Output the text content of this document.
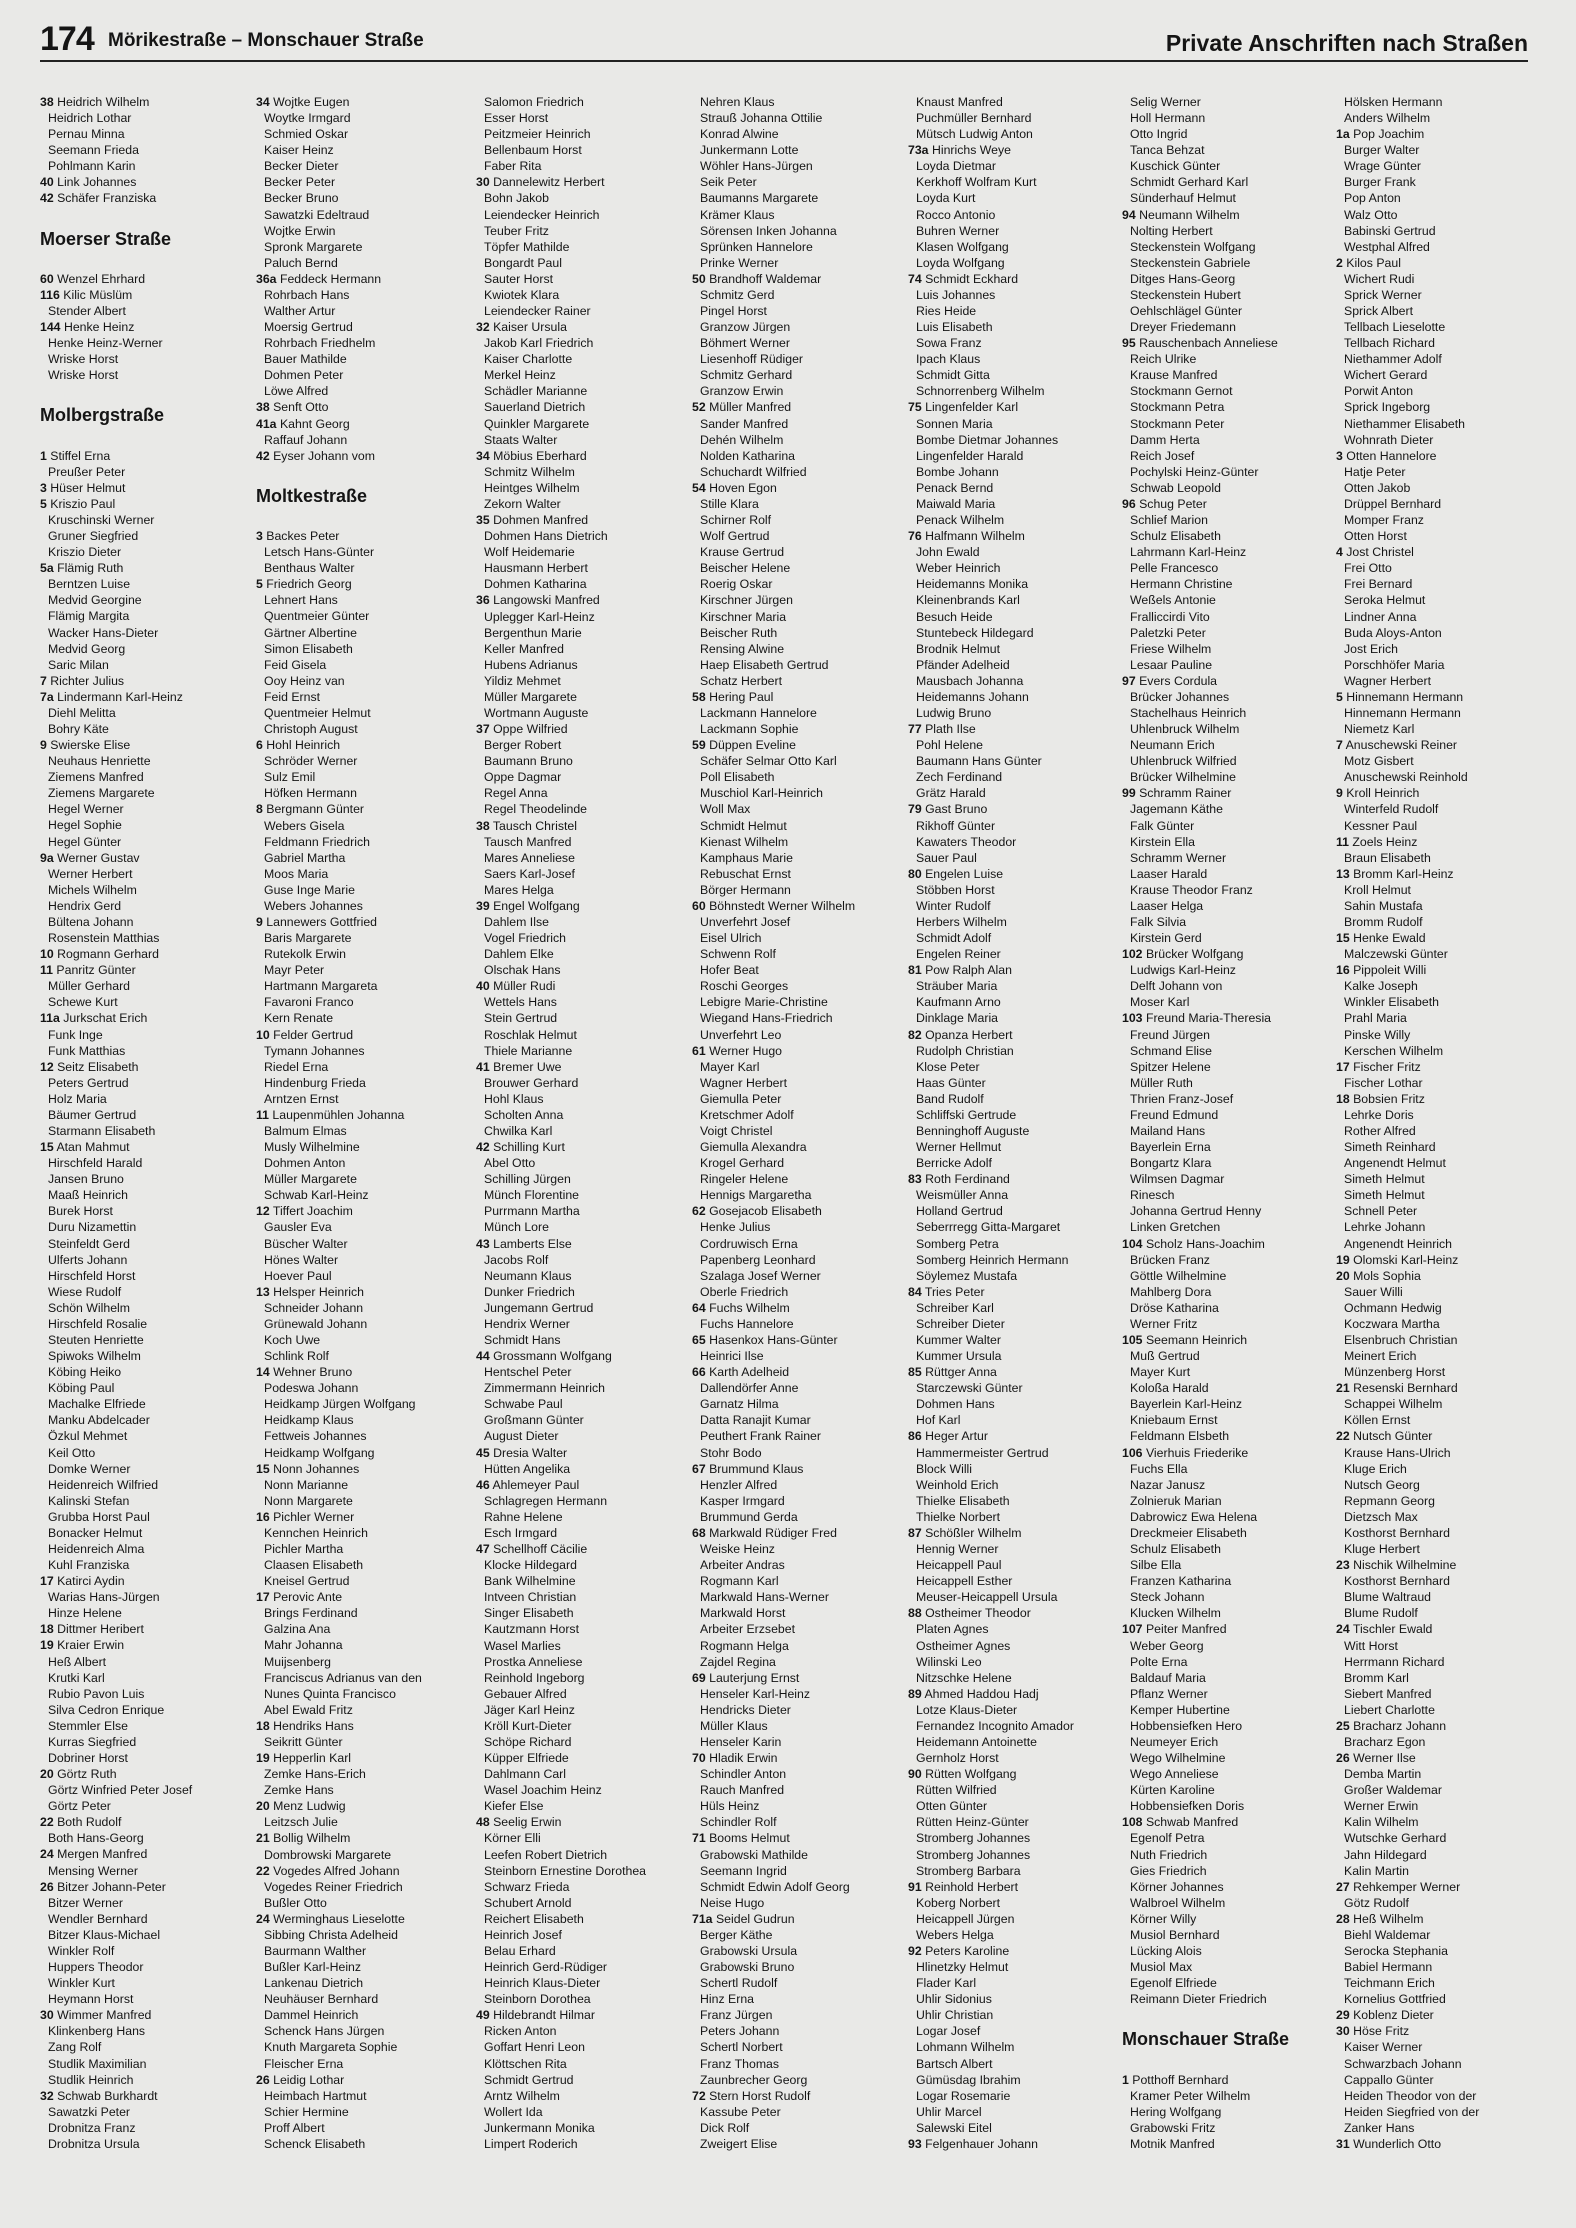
174 Mörikestraße – Monschauer Straße	Private Anschriften nach Straßen
38 Heidrich Wilhelm
Heidrich Lothar
Pernau Minna
Seemann Frieda
Pohlmann Karin
40 Link Johannes
42 Schäfer Franziska
Moerser Straße
60 Wenzel Ehrhard
116 Kilic Müslüm
Stender Albert
144 Henke Heinz
Henke Heinz-Werner
Wriske Horst
Wriske Horst
Molbergstraße
1 Stiffel Erna
Preußer Peter
3 Hüser Helmut
5 Kriszio Paul
Kruschinski Werner
Gruner Siegfried
Kriszio Dieter
5a Flämig Ruth
Berntzen Luise
Medvid Georgine
Flämig Margita
Wacker Hans-Dieter
Medvid Georg
Saric Milan
7 Richter Julius
7a Lindermann Karl-Heinz
Diehl Melitta
Bohry Käte
9 Swierske Elise
Neuhaus Henriette
Ziemens Manfred
Ziemens Margarete
Hegel Werner
Hegel Sophie
Hegel Günter
9a Werner Gustav
Werner Herbert
Michels Wilhelm
Hendrix Gerd
Bültena Johann
Rosenstein Matthias
10 Rogmann Gerhard
11 Panritz Günter
Müller Gerhard
Schewe Kurt
11a Jurkschat Erich
Funk Inge
Funk Matthias
12 Seitz Elisabeth
Peters Gertrud
Holz Maria
Bäumer Gertrud
Starmann Elisabeth
15 Atan Mahmut
Hirschfeld Harald
Jansen Bruno
Maaß Heinrich
Burek Horst
Duru Nizamettin
Steinfeldt Gerd
Ulferts Johann
Hirschfeld Horst
Wiese Rudolf
Schön Wilhelm
Hirschfeld Rosalie
Steuten Henriette
Spiwoks Wilhelm
Köbing Heiko
Köbing Paul
Machalke Elfriede
Manku Abdelcader
Özkul Mehmet
Keil Otto
Domke Werner
Heidenreich Wilfried
Kalinski Stefan
Grubba Horst Paul
Bonacker Helmut
Heidenreich Alma
Kuhl Franziska
17 Katirci Aydin
Warias Hans-Jürgen
Hinze Helene
18 Dittmer Heribert
19 Kraier Erwin
Heß Albert
Krutki Karl
Rubio Pavon Luis
Silva Cedron Enrique
Stemmler Else
Kurras Siegfried
Dobriner Horst
20 Görtz Ruth
Görtz Winfried Peter Josef
Görtz Peter
22 Both Rudolf
Both Hans-Georg
24 Mergen Manfred
Mensing Werner
26 Bitzer Johann-Peter
Bitzer Werner
Wendler Bernhard
Bitzer Klaus-Michael
Winkler Rolf
Huppers Theodor
Winkler Kurt
Heymann Horst
30 Wimmer Manfred
Klinkenberg Hans
Zang Rolf
Studlik Maximilian
Studlik Heinrich
32 Schwab Burkhardt
Sawatzki Peter
Drobnitza Franz
Drobnitza Ursula
34 Wojtke Eugen
Woytke Irmgard
Schmied Oskar
Kaiser Heinz
Becker Dieter
Becker Peter
Becker Bruno
Sawatzki Edeltraud
Wojtke Erwin
Spronk Margarete
Paluch Bernd
36a Feddeck Hermann
Rohrbach Hans
Walther Artur
Moersig Gertrud
Rohrbach Friedhelm
Bauer Mathilde
Dohmen Peter
Löwe Alfred
38 Senft Otto
41a Kahnt Georg
Raffauf Johann
42 Eyser Johann vom
Moltkestraße
3 Backes Peter
Letsch Hans-Günter
Benthaus Walter
5 Friedrich Georg
Lehnert Hans
Quentmeier Günter
Gärtner Albertine
Simon Elisabeth
Feid Gisela
Ooy Heinz van
Feid Ernst
Quentmeier Helmut
Christoph August
6 Hohl Heinrich
Schröder Werner
Sulz Emil
Höfken Hermann
8 Bergmann Günter
Webers Gisela
Feldmann Friedrich
Gabriel Martha
Moos Maria
Guse Inge Marie
Webers Johannes
9 Lannewers Gottfried
Baris Margarete
Rutekolk Erwin
Mayr Peter
Hartmann Margareta
Favaroni Franco
Kern Renate
10 Felder Gertrud
Tymann Johannes
Riedel Erna
Hindenburg Frieda
Arntzen Ernst
11 Laupenmühlen Johanna
Balmum Elmas
Musly Wilhelmine
Dohmen Anton
Müller Margarete
Schwab Karl-Heinz
12 Tiffert Joachim
Gausler Eva
Büscher Walter
Hönes Walter
Hoever Paul
13 Helsper Heinrich
Schneider Johann
Grünewald Johann
Koch Uwe
Schlink Rolf
14 Wehner Bruno
Podeswa Johann
Heidkamp Jürgen Wolfgang
Heidkamp Klaus
Fettweis Johannes
Heidkamp Wolfgang
15 Nonn Johannes
Nonn Marianne
Nonn Margarete
16 Pichler Werner
Kennchen Heinrich
Pichler Martha
Claasen Elisabeth
Kneisel Gertrud
17 Perovic Ante
Brings Ferdinand
Galzina Ana
Mahr Johanna
Muijsenberg
Franciscus Adrianus van den
Nunes Quinta Francisco
Abel Ewald Fritz
18 Hendriks Hans
Seikritt Günter
19 Hepperlin Karl
Zemke Hans-Erich
Zemke Hans
20 Menz Ludwig
Leitzsch Julie
21 Bollig Wilhelm
Dombrowski Margarete
22 Vogedes Alfred Johann
Vogedes Reiner Friedrich
Bußler Otto
24 Werminghaus Lieselotte
Sibbing Christa Adelheid
Baurmann Walther
Bußler Karl-Heinz
Lankenau Dietrich
Neuhäuser Bernhard
Dammel Heinrich
Schenck Hans Jürgen
Knuth Margareta Sophie
Fleischer Erna
26 Leidig Lothar
Heimbach Hartmut
Schier Hermine
Proff Albert
Schenck Elisabeth
Salomon Friedrich
Esser Horst
Peitzmeier Heinrich
Bellenbaum Horst
Faber Rita
30 Dannelewitz Herbert
Bohn Jakob
Leiendecker Heinrich
Teuber Fritz
Töpfer Mathilde
Bongardt Paul
Sauter Horst
Kwiotek Klara
Leiendecker Rainer
32 Kaiser Ursula
Jakob Karl Friedrich
Kaiser Charlotte
Merkel Heinz
Schädler Marianne
Sauerland Dietrich
Quinkler Margarete
Staats Walter
34 Möbius Eberhard
Schmitz Wilhelm
Heintges Wilhelm
Zekorn Walter
35 Dohmen Manfred
Dohmen Hans Dietrich
Wolf Heidemarie
Hausmann Herbert
Dohmen Katharina
36 Langowski Manfred
Uplegger Karl-Heinz
Bergenthun Marie
Keller Manfred
Hubens Adrianus
Yildiz Mehmet
Müller Margarete
Wortmann Auguste
37 Oppe Wilfried
Berger Robert
Baumann Bruno
Oppe Dagmar
Regel Anna
Regel Theodelinde
38 Tausch Christel
Tausch Manfred
Mares Anneliese
Saers Karl-Josef
Mares Helga
39 Engel Wolfgang
Dahlem Ilse
Vogel Friedrich
Dahlem Elke
Olschak Hans
40 Müller Rudi
Wettels Hans
Stein Gertrud
Roschlak Helmut
Thiele Marianne
41 Bremer Uwe
Brouwer Gerhard
Hohl Klaus
Scholten Anna
Chwilka Karl
42 Schilling Kurt
Abel Otto
Schilling Jürgen
Münch Florentine
Purrmann Martha
Münch Lore
43 Lamberts Else
Jacobs Rolf
Neumann Klaus
Dunker Friedrich
Jungemann Gertrud
Hendrix Werner
Schmidt Hans
44 Grossmann Wolfgang
Hentschel Peter
Zimmermann Heinrich
Schwabe Paul
Großmann Günter
August Dieter
45 Dresia Walter
Hütten Angelika
46 Ahlemeyer Paul
Schlagregen Hermann
Rahne Helene
Esch Irmgard
47 Schellhoff Cäcilie
Klocke Hildegard
Bank Wilhelmine
Intveen Christian
Singer Elisabeth
Kautzmann Horst
Wasel Marlies
Prostka Anneliese
Reinhold Ingeborg
Gebauer Alfred
Jäger Karl Heinz
Kröll Kurt-Dieter
Schöpe Richard
Küpper Elfriede
Dahlmann Carl
Wasel Joachim Heinz
Kiefer Else
48 Seelig Erwin
Körner Elli
Leefen Robert Dietrich
Steinborn Ernestine Dorothea
Schwarz Frieda
Schubert Arnold
Reichert Elisabeth
Heinrich Josef
Belau Erhard
Heinrich Gerd-Rüdiger
Heinrich Klaus-Dieter
Steinborn Dorothea
49 Hildebrandt Hilmar
Ricken Anton
Goffart Henri Leon
Klöttschen Rita
Schmidt Gertrud
Arntz Wilhelm
Wollert Ida
Junkermann Monika
Limpert Roderich
Nehren Klaus
Strauß Johanna Ottilie
Konrad Alwine
Junkermann Lotte
Wöhler Hans-Jürgen
Seik Peter
Baumanns Margarete
Krämer Klaus
Sörensen Inken Johanna
Sprünken Hannelore
Prinke Werner
50 Brandhoff Waldemar
Schmitz Gerd
Pingel Horst
Granzow Jürgen
Böhmert Werner
Liesenhoff Rüdiger
Schmitz Gerhard
Granzow Erwin
52 Müller Manfred
Sander Manfred
Dehén Wilhelm
Nolden Katharina
Schuchardt Wilfried
54 Hoven Egon
Stille Klara
Schirner Rolf
Wolf Gertrud
Krause Gertrud
Beischer Helene
Roerig Oskar
Kirschner Jürgen
Kirschner Maria
Beischer Ruth
Rensing Alwine
Haep Elisabeth Gertrud
Schatz Herbert
58 Hering Paul
Lackmann Hannelore
Lackmann Sophie
59 Düppen Eveline
Schäfer Selmar Otto Karl
Poll Elisabeth
Muschiol Karl-Heinrich
Woll Max
Schmidt Helmut
Kienast Wilhelm
Kamphaus Marie
Rebuschat Ernst
Börger Hermann
60 Böhnstedt Werner Wilhelm
Unverfehrt Josef
Eisel Ulrich
Schwenn Rolf
Hofer Beat
Roschi Georges
Lebigre Marie-Christine
Wiegand Hans-Friedrich
Unverfehrt Leo
61 Werner Hugo
Mayer Karl
Wagner Herbert
Giemulla Peter
Kretschmer Adolf
Voigt Christel
Giemulla Alexandra
Krogel Gerhard
Ringeler Helene
Hennigs Margaretha
62 Gosejacob Elisabeth
Henke Julius
Cordruwisch Erna
Papenberg Leonhard
Szalaga Josef Werner
Oberle Friedrich
64 Fuchs Wilhelm
Fuchs Hannelore
65 Hasenkox Hans-Günter
Heinrici Ilse
66 Karth Adelheid
Dallendörfer Anne
Garnatz Hilma
Datta Ranajit Kumar
Peuthert Frank Rainer
Stohr Bodo
67 Brummund Klaus
Henzler Alfred
Kasper Irmgard
Brummund Gerda
68 Markwald Rüdiger Fred
Weiske Heinz
Arbeiter Andras
Rogmann Karl
Markwald Hans-Werner
Markwald Horst
Arbeiter Erzsebet
Rogmann Helga
Zajdel Regina
69 Lauterjung Ernst
Henseler Karl-Heinz
Hendricks Dieter
Müller Klaus
Henseler Karin
70 Hladik Erwin
Schindler Anton
Rauch Manfred
Hüls Heinz
Schindler Rolf
71 Booms Helmut
Grabowski Mathilde
Seemann Ingrid
Schmidt Edwin Adolf Georg
Neise Hugo
71a Seidel Gudrun
Berger Käthe
Grabowski Ursula
Grabowski Bruno
Schertl Rudolf
Hinz Erna
Franz Jürgen
Peters Johann
Schertl Norbert
Franz Thomas
Zaunbrecher Georg
72 Stern Horst Rudolf
Kassube Peter
Dick Rolf
Zweigert Elise
Knaust Manfred
Puchmüller Bernhard
Mütsch Ludwig Anton
73a Hinrichs Weye
Loyda Dietmar
Kerkhoff Wolfram Kurt
Loyda Kurt
Rocco Antonio
Buhren Werner
Klasen Wolfgang
Loyda Wolfgang
74 Schmidt Eckhard
Luis Johannes
Ries Heide
Luis Elisabeth
Sowa Franz
Ipach Klaus
Schmidt Gitta
Schnorrenberg Wilhelm
75 Lingenfelder Karl
Sonnen Maria
Bombe Dietmar Johannes
Lingenfelder Harald
Bombe Johann
Penack Bernd
Maiwald Maria
Penack Wilhelm
76 Halfmann Wilhelm
John Ewald
Weber Heinrich
Heidemanns Monika
Kleinenbrands Karl
Besuch Heide
Stuntebeck Hildegard
Brodnik Helmut
Pfänder Adelheid
Mausbach Johanna
Heidemanns Johann
Ludwig Bruno
77 Plath Ilse
Pohl Helene
Baumann Hans Günter
Zech Ferdinand
Grätz Harald
79 Gast Bruno
Rikhoff Günter
Kawaters Theodor
Sauer Paul
80 Engelen Luise
Stöbben Horst
Winter Rudolf
Herbers Wilhelm
Schmidt Adolf
Engelen Reiner
81 Pow Ralph Alan
Sträuber Maria
Kaufmann Arno
Dinklage Maria
82 Opanza Herbert
Rudolph Christian
Klose Peter
Haas Günter
Band Rudolf
Schliffski Gertrude
Benninghoff Auguste
Werner Hellmut
Berricke Adolf
83 Roth Ferdinand
Weismüller Anna
Holland Gertrud
Seberrregg Gitta-Margaret
Somberg Petra
Somberg Heinrich Hermann
Söylemez Mustafa
84 Tries Peter
Schreiber Karl
Schreiber Dieter
Kummer Walter
Kummer Ursula
85 Rüttger Anna
Starczewski Günter
Dohmen Hans
Hof Karl
86 Heger Artur
Hammermeister Gertrud
Block Willi
Weinhold Erich
Thielke Elisabeth
Thielke Norbert
87 Schößler Wilhelm
Hennig Werner
Heicappell Paul
Heicappell Esther
Meuser-Heicappell Ursula
88 Ostheimer Theodor
Platen Agnes
Ostheimer Agnes
Wilinski Leo
Nitzschke Helene
89 Ahmed Haddou Hadj
Lotze Klaus-Dieter
Fernandez Incognito Amador
Heidemann Antoinette
Gernholz Horst
90 Rütten Wolfgang
Rütten Wilfried
Otten Günter
Rütten Heinz-Günter
Stromberg Johannes
Stromberg Johannes
Stromberg Barbara
91 Reinhold Herbert
Koberg Norbert
Heicappell Jürgen
Webers Helga
92 Peters Karoline
Hlinetzky Helmut
Flader Karl
Uhlir Sidonius
Uhlir Christian
Logar Josef
Lohmann Wilhelm
Bartsch Albert
Gümüsdag Ibrahim
Logar Rosemarie
Uhlir Marcel
Salewski Eitel
93 Felgenhauer Johann
Selig Werner
Holl Hermann
Otto Ingrid
Tanca Behzat
Kuschick Günter
Schmidt Gerhard Karl
Sünderhauf Helmut
94 Neumann Wilhelm
Nolting Herbert
Steckenstein Wolfgang
Steckenstein Gabriele
Ditges Hans-Georg
Steckenstein Hubert
Oehlschlägel Günter
Dreyer Friedemann
95 Rauschenbach Anneliese
Reich Ulrike
Krause Manfred
Stockmann Gernot
Stockmann Petra
Stockmann Peter
Damm Herta
Reich Josef
Pochylski Heinz-Günter
Schwab Leopold
96 Schug Peter
Schlief Marion
Schulz Elisabeth
Lahrmann Karl-Heinz
Pelle Francesco
Hermann Christine
Weßels Antonie
Fralliccirdi Vito
Paletzki Peter
Friese Wilhelm
Lesaar Pauline
97 Evers Cordula
Brücker Johannes
Stachelhaus Heinrich
Uhlenbruck Wilhelm
Neumann Erich
Uhlenbruck Wilfried
Brücker Wilhelmine
99 Schramm Rainer
Jagemann Käthe
Falk Günter
Kirstein Ella
Schramm Werner
Laaser Harald
Krause Theodor Franz
Laaser Helga
Falk Silvia
Kirstein Gerd
102 Brücker Wolfgang
Ludwigs Karl-Heinz
Delft Johann von
Moser Karl
103 Freund Maria-Theresia
Freund Jürgen
Schmand Elise
Spitzer Helene
Müller Ruth
Thrien Franz-Josef
Freund Edmund
Mailand Hans
Bayerlein Erna
Bongartz Klara
Wilmsen Dagmar
Rinesch
Johanna Gertrud Henny
Linken Gretchen
104 Scholz Hans-Joachim
Brücken Franz
Göttle Wilhelmine
Mahlberg Dora
Dröse Katharina
Werner Fritz
105 Seemann Heinrich
Muß Gertrud
Mayer Kurt
Koloßa Harald
Bayerlein Karl-Heinz
Kniebaum Ernst
Feldmann Elsbeth
106 Vierhuis Friederike
Fuchs Ella
Nazar Janusz
Zolnieruk Marian
Dabrowicz Ewa Helena
Dreckmeier Elisabeth
Schulz Elisabeth
Silbe Ella
Franzen Katharina
Steck Johann
Klucken Wilhelm
107 Peiter Manfred
Weber Georg
Polte Erna
Baldauf Maria
Pflanz Werner
Kemper Hubertine
Hobbensiefken Hero
Neumeyer Erich
Wego Wilhelmine
Wego Anneliese
Kürten Karoline
Hobbensiefken Doris
108 Schwab Manfred
Egenolf Petra
Nuth Friedrich
Gies Friedrich
Körner Johannes
Walbroel Wilhelm
Körner Willy
Musiol Bernhard
Lücking Alois
Musiol Max
Egenolf Elfriede
Reimann Dieter Friedrich
Monschauer Straße
1 Potthoff Bernhard
Kramer Peter Wilhelm
Hering Wolfgang
Grabowski Fritz
Motnik Manfred
Hölsken Hermann
Anders Wilhelm
1a Pop Joachim
Burger Walter
Wrage Günter
Burger Frank
Pop Anton
Walz Otto
Babinski Gertrud
Westphal Alfred
2 Kilos Paul
Wichert Rudi
Sprick Werner
Sprick Albert
Tellbach Lieselotte
Tellbach Richard
Niethammer Adolf
Wichert Gerard
Porwit Anton
Sprick Ingeborg
Niethammer Elisabeth
Wohnrath Dieter
3 Otten Hannelore
Hatje Peter
Otten Jakob
Drüppel Bernhard
Momper Franz
Otten Horst
4 Jost Christel
Frei Otto
Frei Bernard
Seroka Helmut
Lindner Anna
Buda Aloys-Anton
Jost Erich
Porschhöfer Maria
Wagner Herbert
5 Hinnemann Hermann
Hinnemann Hermann
Niemetz Karl
7 Anuschewski Reiner
Motz Gisbert
Anuschewski Reinhold
9 Kroll Heinrich
Winterfeld Rudolf
Kessner Paul
11 Zoels Heinz
Braun Elisabeth
13 Bromm Karl-Heinz
Kroll Helmut
Sahin Mustafa
Bromm Rudolf
15 Henke Ewald
Malczewski Günter
16 Pippoleit Willi
Kalke Joseph
Winkler Elisabeth
Prahl Maria
Pinske Willy
Kerschen Wilhelm
17 Fischer Fritz
Fischer Lothar
18 Bobsien Fritz
Lehrke Doris
Rother Alfred
Simeth Reinhard
Angenendt Helmut
Simeth Helmut
Simeth Helmut
Schnell Peter
Lehrke Johann
Angenendt Heinrich
19 Olomski Karl-Heinz
20 Mols Sophia
Sauer Willi
Ochmann Hedwig
Koczwara Martha
Elsenbruch Christian
Meinert Erich
Münzenberg Horst
21 Resenski Bernhard
Schappei Wilhelm
Köllen Ernst
22 Nutsch Günter
Krause Hans-Ulrich
Kluge Erich
Nutsch Georg
Repmann Georg
Dietzsch Max
Kosthorst Bernhard
Kluge Herbert
23 Nischik Wilhelmine
Kosthorst Bernhard
Blume Waltraud
Blume Rudolf
24 Tischler Ewald
Witt Horst
Herrmann Richard
Bromm Karl
Siebert Manfred
Liebert Charlotte
25 Bracharz Johann
Bracharz Egon
26 Werner Ilse
Demba Martin
Großer Waldemar
Werner Erwin
Kalin Wilhelm
Wutschke Gerhard
Jahn Hildegard
Kalin Martin
27 Rehkemper Werner
Götz Rudolf
28 Heß Wilhelm
Biehl Waldemar
Serocka Stephania
Babiel Hermann
Teichmann Erich
Kornelius Gottfried
29 Koblenz Dieter
30 Höse Fritz
Kaiser Werner
Schwarzbach Johann
Cappallo Günter
Heiden Theodor von der
Heiden Siegfried von der
Zanker Hans
31 Wunderlich Otto
